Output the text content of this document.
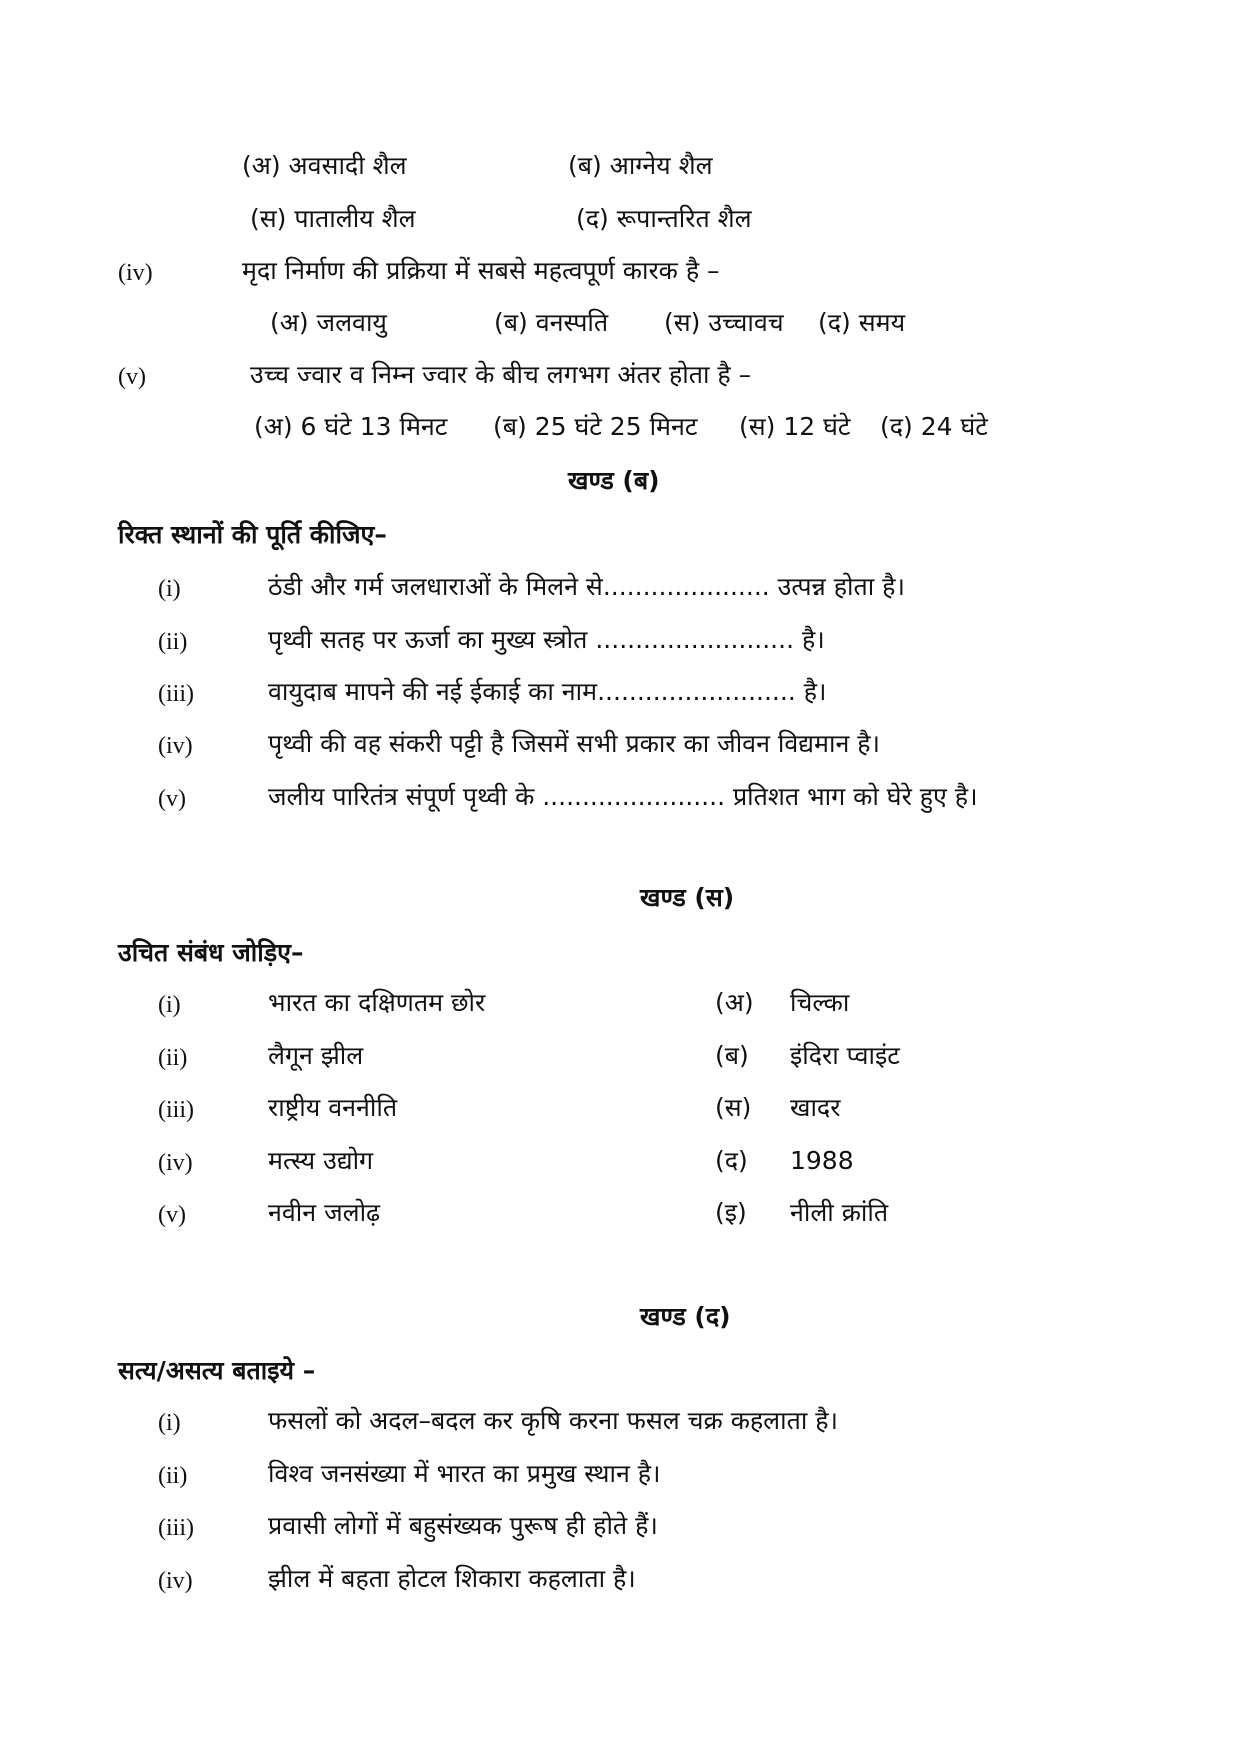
(अ) अवसादी शैल	(ब) आग्नेय शैल
(स) पातालीय शैल	(द) रूपान्तरित शैल
(iv)	मृदा निर्माण की प्रक्रिया में सबसे महत्वपूर्ण कारक है –
(अ) जलवायु	(ब) वनस्पति (स) उच्चावच (द) समय
(v)	उच्च ज्वार व निम्न ज्वार के बीच लगभग अंतर होता है –
(अ) 6 घंटे 13 मिनट (ब) 25 घंटे 25 मिनट (स) 12 घंटे (द) 24 घंटे
खण्ड (ब)
रिक्त स्थानों की पूर्ति कीजिए–
(i)	ठंडी और गर्म जलधाराओं के मिलने से..................... उत्पन्न होता है।
(ii)	पृथ्वी सतह पर ऊर्जा का मुख्य स्त्रोत ......................... है।
(iii)	वायुदाब मापने की नई ईकाई का नाम......................... है।
(iv)	पृथ्वी की वह संकरी पट्टी है जिसमें सभी प्रकार का जीवन विद्यमान है।
(v)	जलीय पारितंत्र संपूर्ण पृथ्वी के ....................... प्रतिशत भाग को घेरे हुए है।
खण्ड (स)
उचित संबंध जोड़िए–
(i)	भारत का दक्षिणतम छोर	(अ) चिल्का
(ii)	लैगून झील	(ब) इंदिरा प्वाइंट
(iii)	राष्ट्रीय वननीति	(स) खादर
(iv)	मत्स्य उद्योग	(द) 1988
(v)	नवीन जलोढ़	(इ) नीली क्रांति
खण्ड (द)
सत्य/असत्य बताइये –
(i)	फसलों को अदल–बदल कर कृषि करना फसल चक्र कहलाता है।
(ii)	विश्व जनसंख्या में भारत का प्रमुख स्थान है।
(iii)	प्रवासी लोगों में बहुसंख्यक पुरूष ही होते हैं।
(iv)	झील में बहता होटल शिकारा कहलाता है।
